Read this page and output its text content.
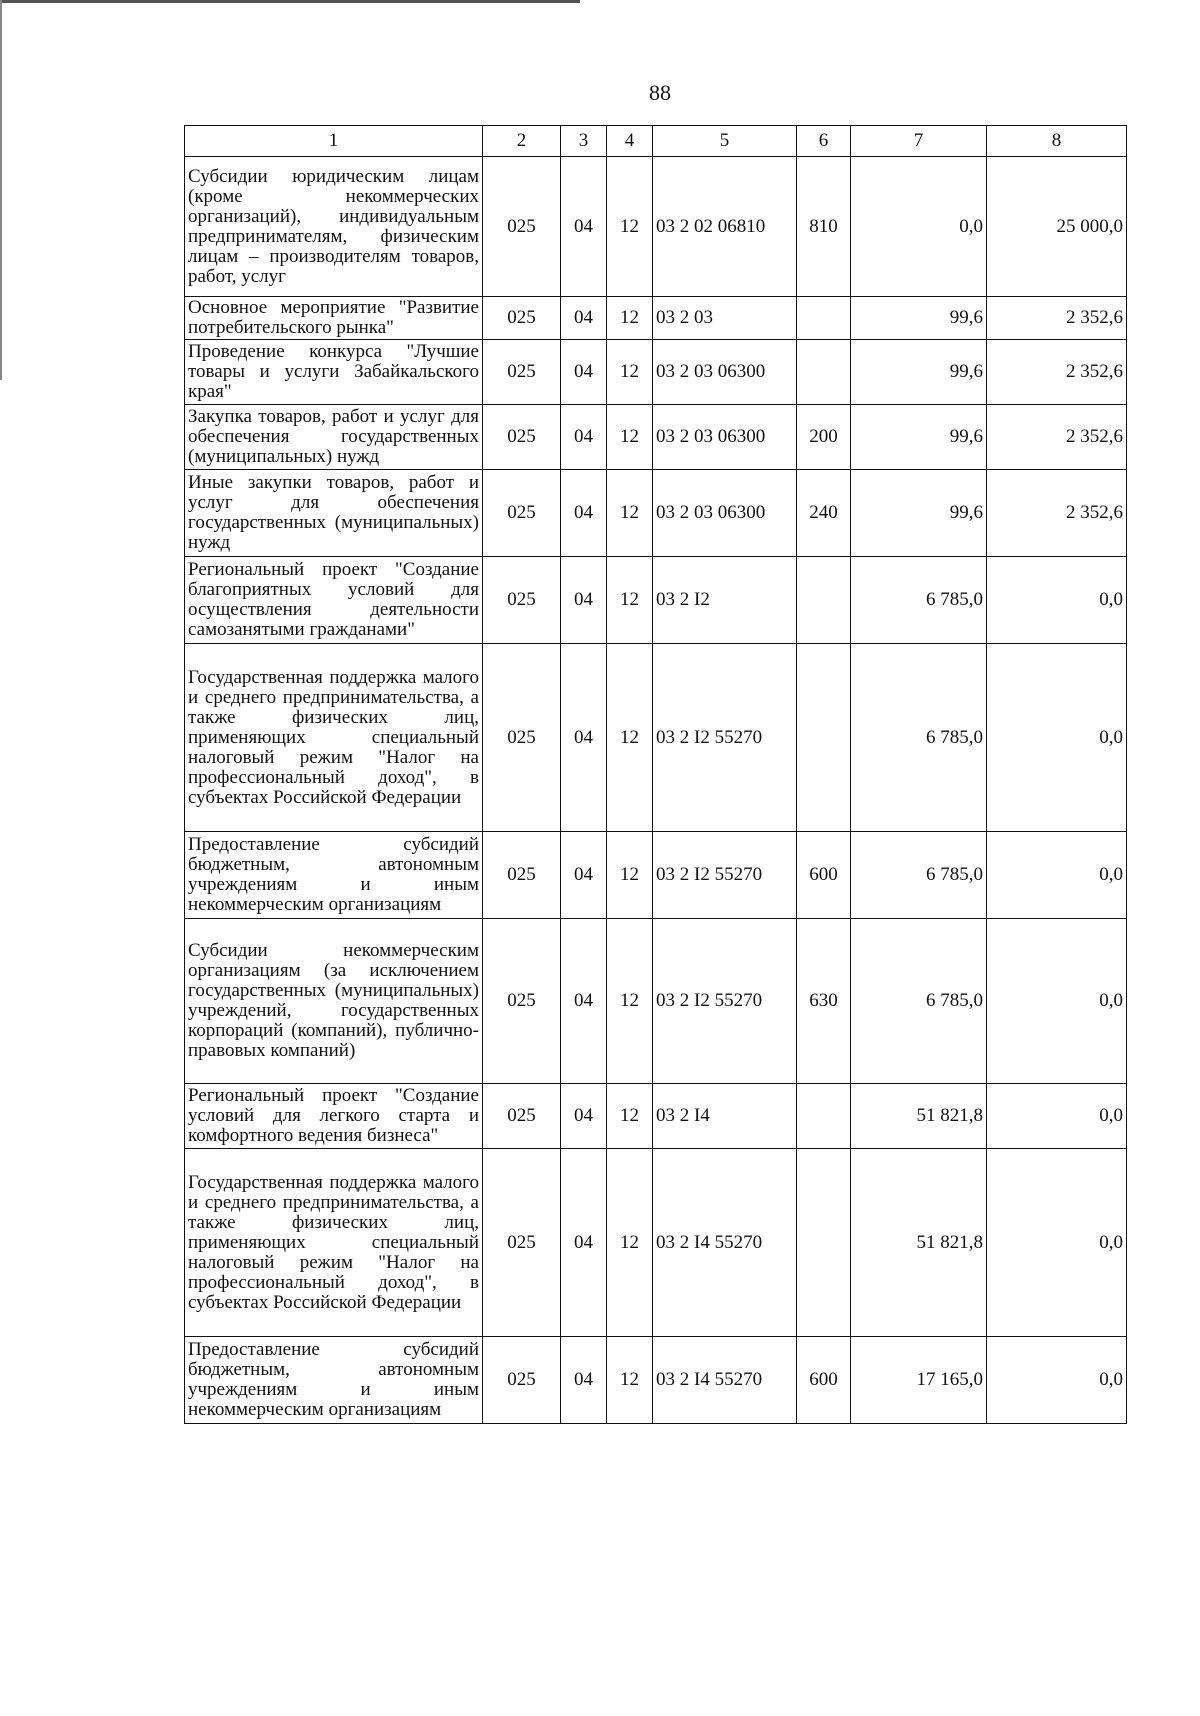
88
1	2	3	4	5	6	7	8
Субсидии юридическим лицам (кроме некоммерческих организаций), индивидуальным предпринимателям, физическим лицам – производителям товаров, работ, услуг	025	04	12	03 2 02 06810	810	0,0	25 000,0
Основное мероприятие "Развитие потребительского рынка"	025	04	12	03 2 03		99,6	2 352,6
Проведение конкурса "Лучшие товары и услуги Забайкальского края"	025	04	12	03 2 03 06300		99,6	2 352,6
Закупка товаров, работ и услуг для обеспечения государственных (муниципальных) нужд	025	04	12	03 2 03 06300	200	99,6	2 352,6
Иные закупки товаров, работ и услуг для обеспечения государственных (муниципальных) нужд	025	04	12	03 2 03 06300	240	99,6	2 352,6
Региональный проект "Создание благоприятных условий для осуществления деятельности самозанятыми гражданами"	025	04	12	03 2 I2		6 785,0	0,0
Государственная поддержка малого и среднего предпринимательства, а также физических лиц, применяющих специальный налоговый режим "Налог на профессиональный доход", в субъектах Российской Федерации	025	04	12	03 2 I2 55270		6 785,0	0,0
Предоставление субсидий бюджетным, автономным учреждениям и иным некоммерческим организациям	025	04	12	03 2 I2 55270	600	6 785,0	0,0
Субсидии некоммерческим организациям (за исключением государственных (муниципальных) учреждений, государственных корпораций (компаний), публично-правовых компаний)	025	04	12	03 2 I2 55270	630	6 785,0	0,0
Региональный проект "Создание условий для легкого старта и комфортного ведения бизнеса"	025	04	12	03 2 I4		51 821,8	0,0
Государственная поддержка малого и среднего предпринимательства, а также физических лиц, применяющих специальный налоговый режим "Налог на профессиональный доход", в субъектах Российской Федерации	025	04	12	03 2 I4 55270		51 821,8	0,0
Предоставление субсидий бюджетным, автономным учреждениям и иным некоммерческим организациям	025	04	12	03 2 I4 55270	600	17 165,0	0,0
